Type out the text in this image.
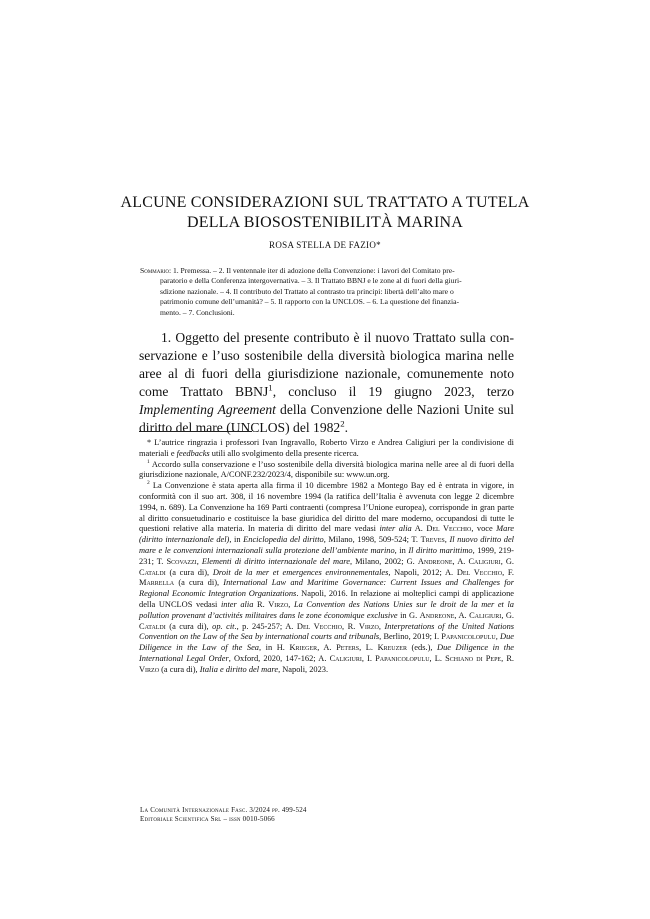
ALCUNE CONSIDERAZIONI SUL TRATTATO A TUTELA
DELLA BIOSOSTENIBILITÀ MARINA
ROSA STELLA DE FAZIO*
Sommario: 1. Premessa. – 2. Il ventennale iter di adozione della Convenzione: i lavori del Comitato pre-
paratorio e della Conferenza intergovernativa. – 3. Il Trattato BBNJ e le zone al di fuori della giuri-
sdizione nazionale. – 4. Il contributo del Trattato al contrasto tra principi: libertà dell’alto mare o
patrimonio comune dell’umanità? – 5. Il rapporto con la UNCLOS. – 6. La questione del finanzia-
mento. – 7. Conclusioni.
1. Oggetto del presente contributo è il nuovo Trattato sulla con-servazione e l’uso sostenibile della diversità biologica marina nelle aree al di fuori della giurisdizione nazionale, comunemente noto come Trattato BBNJ$^1$, concluso il 19 giugno 2023, terzo Implementing Agreement della Convenzione delle Nazioni Unite sul diritto del mare (UNCLOS) del 1982$^2$.

* L’autrice ringrazia i professori Ivan Ingravallo, Roberto Virzo e Andrea Caligiuri per la condivisione di materiali e feedbacks utili allo svolgimento della presente ricerca.

$^1$ Accordo sulla conservazione e l’uso sostenibile della diversità biologica marina nelle aree al di fuori della giurisdizione nazionale, A/CONF.232/2023/4, disponibile su: www.un.org.

$^2$ La Convenzione è stata aperta alla firma il 10 dicembre 1982 a Montego Bay ed è entrata in vigore, in conformità con il suo art. 308, il 16 novembre 1994 (la ratifica dell’Italia è avvenuta con legge 2 dicembre 1994, n. 689). La Convenzione ha 169 Parti contraenti (compresa l’Unione europea), corrisponde in gran parte al diritto consuetudinario e costituisce la base giuridica del diritto del mare moderno, occupandosi di tutte le questioni relative alla materia. In materia di diritto del mare vedasi inter alia A. Del Vecchio, voce Mare (diritto internazionale del), in Enciclopedia del diritto, Milano, 1998, 509-524; T. Treves, Il nuovo diritto del mare e le convenzioni internazionali sulla protezione dell’ambiente marino, in Il diritto marittimo, 1999, 219-231; T. Scovazzi, Elementi di diritto internazionale del mare, Milano, 2002; G. Andreone, A. Caligiuri, G. Cataldi (a cura di), Droit de la mer et emergences environnementales, Napoli, 2012; A. Del Vecchio, F. Marrella (a cura di), International Law and Maritime Governance: Current Issues and Challenges for Regional Economic Integration Organizations. Napoli, 2016. In relazione ai molteplici campi di applicazione della UNCLOS vedasi inter alia R. Virzo, La Convention des Nations Unies sur le droit de la mer et la pollution provenant d’activités militaires dans le zone économique exclusive in G. Andreone, A. Caligiuri, G. Cataldi (a cura di), op. cit., p. 245-257; A. Del Vecchio, R. Virzo, Interpretations of the United Nations Convention on the Law of the Sea by international courts and tribunals, Berlino, 2019; I. Papanicolopulu, Due Diligence in the Law of the Sea, in H. Krieger, A. Peters, L. Kreuzer (eds.), Due Diligence in the International Legal Order, Oxford, 2020, 147-162; A. Caligiuri, I. Papanicolopulu, L. Schiano di Pepe, R. Virzo (a cura di), Italia e diritto del mare, Napoli, 2023.

La Comunità Internazionale Fasc. 3/2024 pp. 499-524
Editoriale Scientifica Srl – issn 0010-5066
